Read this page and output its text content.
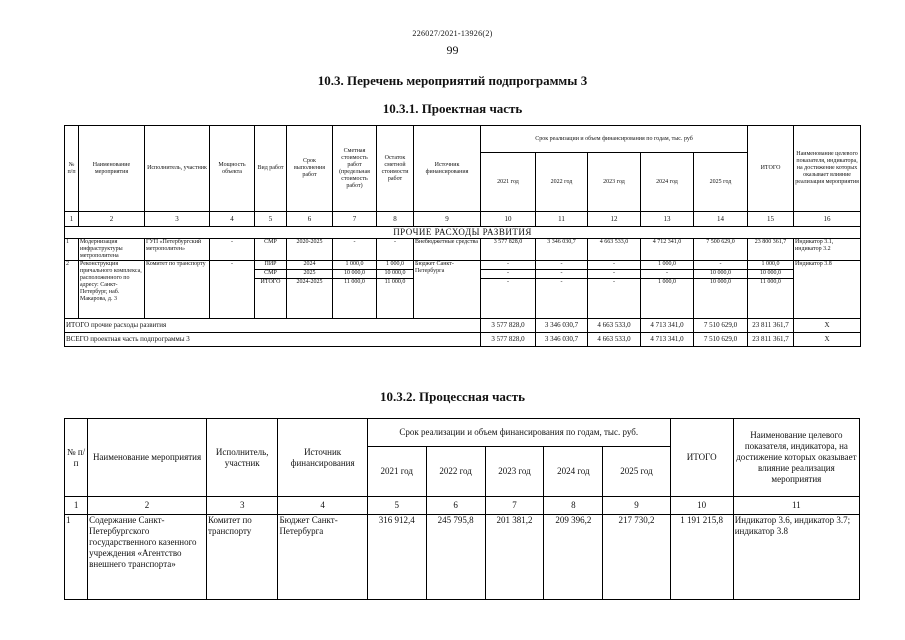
226027/2021-13926(2)
99
10.3. Перечень мероприятий подпрограммы 3
10.3.1. Проектная часть
№ п/п	Наименование мероприятия	Исполнитель, участник	Мощность объекта	Вид работ	Срок выполнения работ	Сметная стоимость работ (предельная стоимость работ)	Остаток сметной стоимости работ	Источник финансирования	Срок реализации и объем финансирования по годам, тыс. руб					ИТОГО	Наименование целевого показателя, индикатора, на достижение которых оказывает влияние реализация мероприятия
									2021 год	2022 год	2023 год	2024 год	2025 год		
1	2	3	4	5	6	7	8	9	10	11	12	13	14	15	16
ПРОЧИЕ РАСХОДЫ РАЗВИТИЯ															
1	Модернизация инфраструктуры метрополитена	ГУП «Петербургский метрополитен»	-	СМР	2020-2025	-	-	Внебюджетные средства	3 577 828,0	3 346 030,7	4 663 533,0	4 712 341,0	7 500 629,0	23 800 361,7	Индикатор 3.1, индикатор 3.2
2	Реконструкция причального комплекса, расположенного по адресу: Санкт-Петербург, наб. Макарова, д. 3	Комитет по транспорту	-	ПИР	2024	1 000,0	1 000,0	Бюджет Санкт-Петербурга	-	-	-	1 000,0	-	1 000,0	Индикатор 3.8
				СМР	2025	10 000,0	10 000,0		-	-	-	-	10 000,0	10 000,0	
				ИТОГО	2024-2025	11 000,0	11 000,0		-	-	-	1 000,0	10 000,0	11 000,0	
ИТОГО прочие расходы развития									3 577 828,0	3 346 030,7	4 663 533,0	4 713 341,0	7 510 629,0	23 811 361,7	Х
ВСЕГО проектная часть подпрограммы 3									3 577 828,0	3 346 030,7	4 663 533,0	4 713 341,0	7 510 629,0	23 811 361,7	Х
10.3.2. Процессная часть
№ п/п	Наименование мероприятия	Исполнитель, участник	Источник финансирования	Срок реализации и объем финансирования по годам, тыс. руб.					ИТОГО	Наименование целевого показателя, индикатора, на достижение которых оказывает влияние реализация мероприятия
				2021 год	2022 год	2023 год	2024 год	2025 год		
1	2	3	4	5	6	7	8	9	10	11
1	Содержание Санкт-Петербургского государственного казенного учреждения «Агентство внешнего транспорта»	Комитет по транспорту	Бюджет Санкт-Петербурга	316 912,4	245 795,8	201 381,2	209 396,2	217 730,2	1 191 215,8	Индикатор 3.6, индикатор 3.7; индикатор 3.8
